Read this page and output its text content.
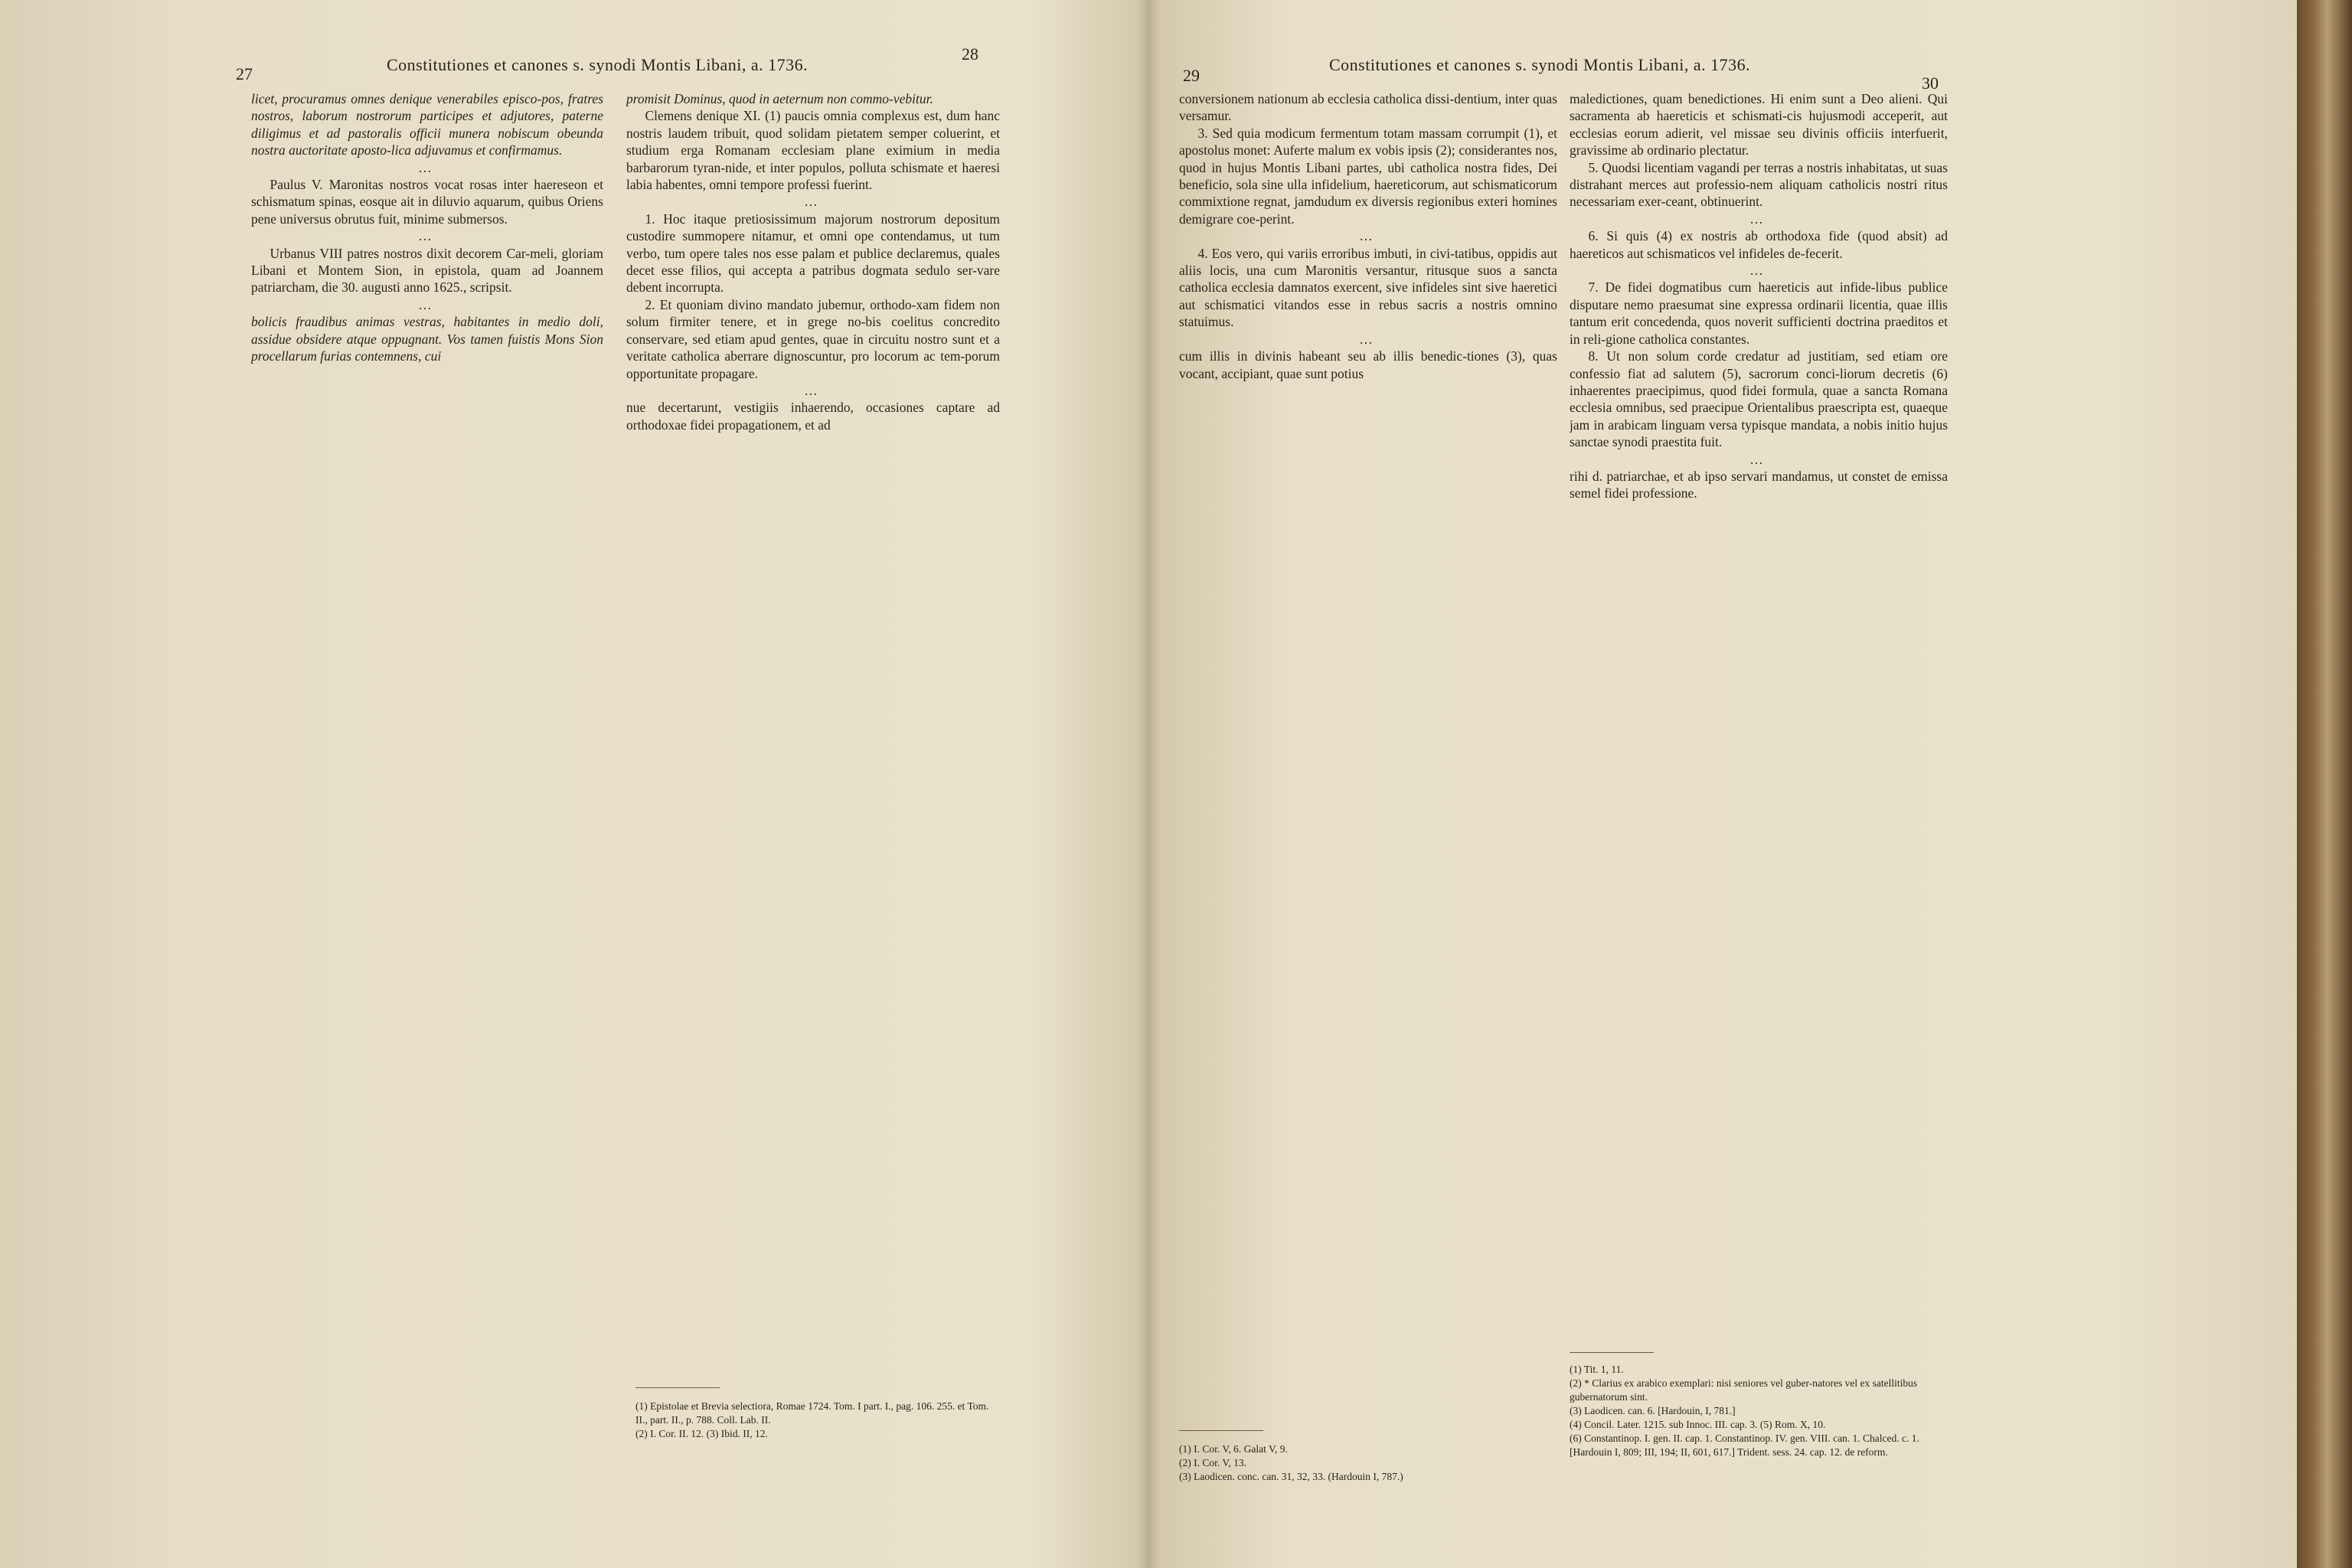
27	Constitutiones et canones s. synodi Montis Libani, a. 1736.
28

licet, procuramus omnes denique venerabiles episco-pos, fratres nostros, laborum nostrorum participes et adjutores, paterne diligimus et ad pastoralis officii munera nobiscum obeunda nostra auctoritate aposto-lica adjuvamus et confirmamus.

…

Paulus V. Maronitas nostros vocat rosas inter haereseon et schismatum spinas, eosque ait in diluvio aquarum, quibus Oriens pene universus obrutus fuit, minime submersos.

…

Urbanus VIII patres nostros dixit decorem Car-meli, gloriam Libani et Montem Sion, in epistola, quam ad Joannem patriarcham, die 30. augusti anno 1625., scripsit.

…

bolicis fraudibus animas vestras, habitantes in medio doli, assidue obsidere atque oppugnant. Vos tamen fuistis Mons Sion procellarum furias contemnens, cui

promisit Dominus, quod in aeternum non commo-vebitur.

Clemens denique XI. (1) paucis omnia complexus est, dum hanc nostris laudem tribuit, quod solidam pietatem semper coluerint, et studium erga Romanam ecclesiam plane eximium in media barbarorum tyran-nide, et inter populos, polluta schismate et haeresi labia habentes, omni tempore professi fuerint.

…

1. Hoc itaque pretiosissimum majorum nostrorum depositum custodire summopere nitamur, et omni ope contendamus, ut tum verbo, tum opere tales nos esse palam et publice declaremus, quales decet esse filios, qui accepta a patribus dogmata sedulo ser-vare debent incorrupta.

2. Et quoniam divino mandato jubemur, orthodo-xam fidem non solum firmiter tenere, et in grege no-bis coelitus concredito conservare, sed etiam apud gentes, quae in circuitu nostro sunt et a veritate catholica aberrare dignoscuntur, pro locorum ac tem-porum opportunitate propagare.

…

nue decertarunt, vestigiis inhaerendo, occasiones captare ad orthodoxae fidei propagationem, et ad

(1) Epistolae et Brevia selectiora, Romae 1724. Tom. I part. I., pag. 106. 255. et Tom. II., part. II., p. 788. Coll. Lab. II.
(2) I. Cor. II. 12. (3) Ibid. II, 12.
29
Constitutiones et canones s. synodi Montis Libani, a. 1736.
30

conversionem nationum ab ecclesia catholica dissi-dentium, inter quas versamur.

3. Sed quia modicum fermentum totam massam corrumpit (1), et apostolus monet: Auferte malum ex vobis ipsis (2); considerantes nos, quod in hujus Montis Libani partes, ubi catholica nostra fides, Dei beneficio, sola sine ulla infidelium, haereticorum, aut schismaticorum commixtione regnat, jamdudum ex diversis regionibus exteri homines demigrare coe-perint.

…

4. Eos vero, qui variis erroribus imbuti, in civi-tatibus, oppidis aut aliis locis, una cum Maronitis versantur, ritusque suos a sancta catholica ecclesia damnatos exercent, sive infideles sint sive haeretici aut schismatici vitandos esse in rebus sacris a nostris omnino statuimus.

…

cum illis in divinis habeant seu ab illis benedic-tiones (3), quas vocant, accipiant, quae sunt potius

(1) I. Cor. V, 6. Galat V, 9.
(2) I. Cor. V, 13.
(3) Laodicen. conc. can. 31, 32, 33. (Hardouin I, 787.)

maledictiones, quam benedictiones. Hi enim sunt a Deo alieni. Qui sacramenta ab haereticis et schismati-cis hujusmodi acceperit, aut ecclesias eorum adierit, vel missae seu divinis officiis interfuerit, gravissime ab ordinario plectatur.

5. Quodsi licentiam vagandi per terras a nostris inhabitatas, ut suas distrahant merces aut professio-nem aliquam catholicis nostri ritus necessariam exer-ceant, obtinuerint.

…

6. Si quis (4) ex nostris ab orthodoxa fide (quod absit) ad haereticos aut schismaticos vel infideles de-fecerit.

…

7. De fidei dogmatibus cum haereticis aut infide-libus publice disputare nemo praesumat sine expressa ordinarii licentia, quae illis tantum erit concedenda, quos noverit sufficienti doctrina praeditos et in reli-gione catholica constantes.

8. Ut non solum corde credatur ad justitiam, sed etiam ore confessio fiat ad salutem (5), sacrorum conci-liorum decretis (6) inhaerentes praecipimus, quod fidei formula, quae a sancta Romana ecclesia omnibus, sed praecipue Orientalibus praescripta est, quaeque jam in arabicam linguam versa typisque mandata, a nobis initio hujus sanctae synodi praestita fuit.

…

rihi d. patriarchae, et ab ipso servari mandamus, ut constet de emissa semel fidei professione.

(1) Tit. 1, 11.
(2) * Clarius ex arabico exemplari: nisi seniores vel guber-natores vel ex satellitibus gubernatorum sint.
(3) Laodicen. can. 6. [Hardouin, I, 781.]
(4) Concil. Later. 1215. sub Innoc. III. cap. 3. (5) Rom. X, 10.
(6) Constantinop. I. gen. II. cap. 1. Constantinop. IV. gen. VIII. can. 1. Chalced. c. 1. [Hardouin I, 809; III, 194; II, 601, 617.] Trident. sess. 24. cap. 12. de reform.
